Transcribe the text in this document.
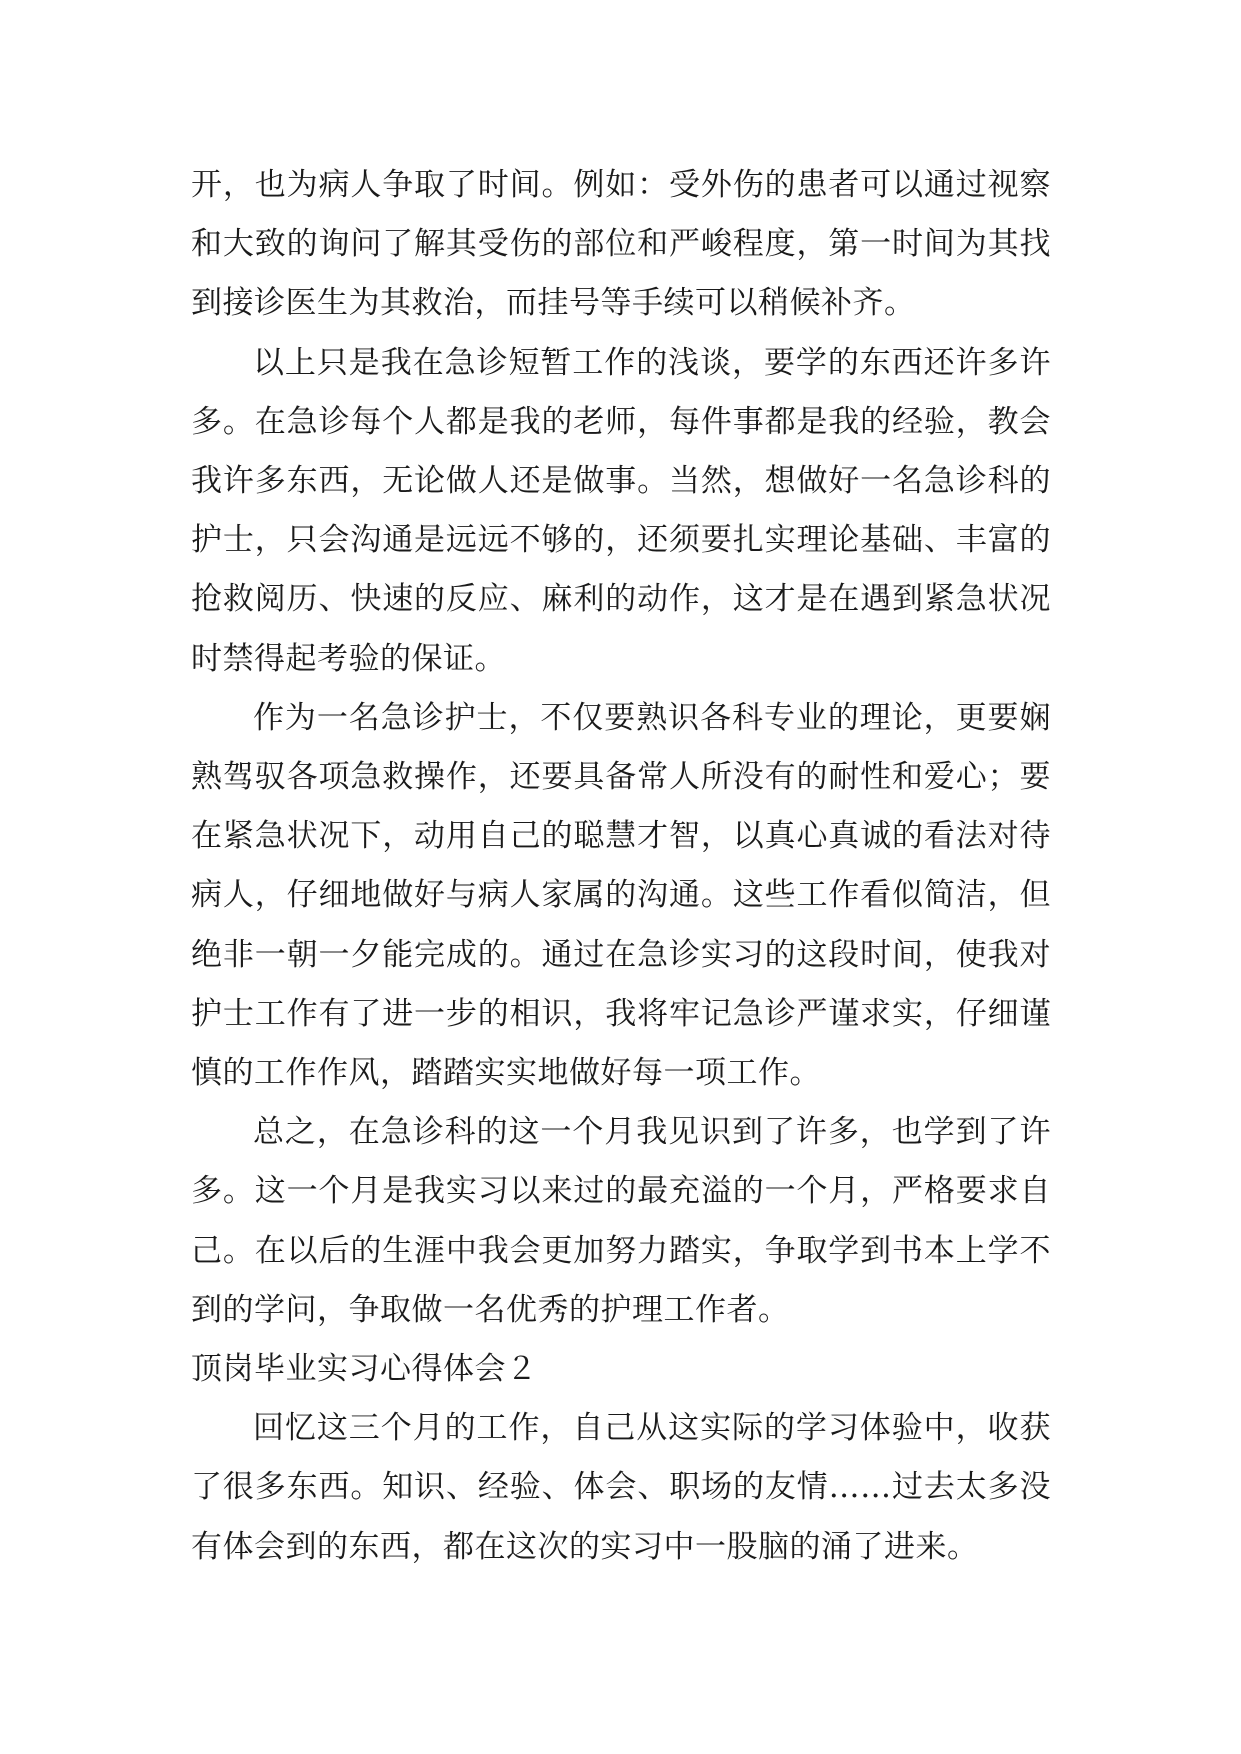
开，也为病人争取了时间。例如：受外伤的患者可以通过视察和大致的询问了解其受伤的部位和严峻程度，第一时间为其找到接诊医生为其救治，而挂号等手续可以稍候补齐。

以上只是我在急诊短暂工作的浅谈，要学的东西还许多许多。在急诊每个人都是我的老师，每件事都是我的经验，教会我许多东西，无论做人还是做事。当然，想做好一名急诊科的护士，只会沟通是远远不够的，还须要扎实理论基础、丰富的抢救阅历、快速的反应、麻利的动作，这才是在遇到紧急状况时禁得起考验的保证。

作为一名急诊护士，不仅要熟识各科专业的理论，更要娴熟驾驭各项急救操作，还要具备常人所没有的耐性和爱心；要在紧急状况下，动用自己的聪慧才智，以真心真诚的看法对待病人，仔细地做好与病人家属的沟通。这些工作看似简洁，但绝非一朝一夕能完成的。通过在急诊实习的这段时间，使我对护士工作有了进一步的相识，我将牢记急诊严谨求实，仔细谨慎的工作作风，踏踏实实地做好每一项工作。

总之，在急诊科的这一个月我见识到了许多，也学到了许多。这一个月是我实习以来过的最充溢的一个月，严格要求自己。在以后的生涯中我会更加努力踏实，争取学到书本上学不到的学问，争取做一名优秀的护理工作者。

顶岗毕业实习心得体会２

回忆这三个月的工作，自己从这实际的学习体验中，收获了很多东西。知识、经验、体会、职场的友情……过去太多没有体会到的东西，都在这次的实习中一股脑的涌了进来。
